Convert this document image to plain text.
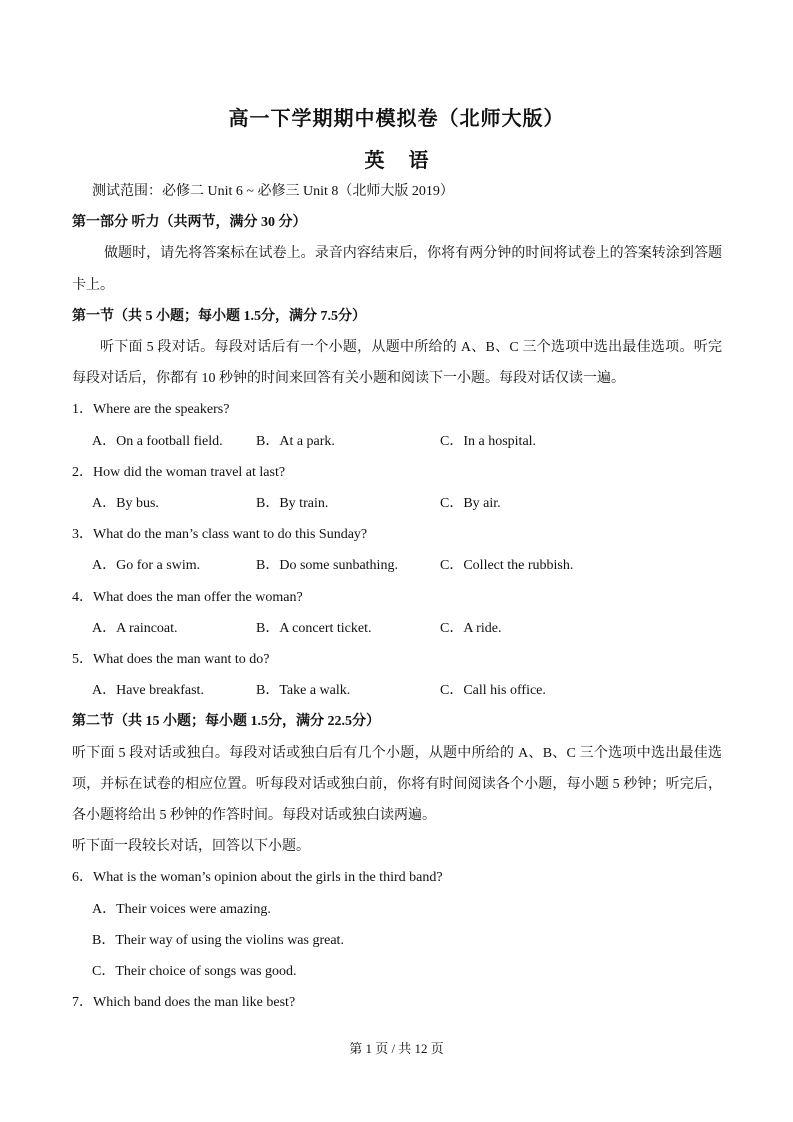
高一下学期期中模拟卷（北师大版）
英 语
测试范围：必修二 Unit 6 ~ 必修三 Unit 8（北师大版 2019）
第一部分 听力（共两节，满分 30 分）
做题时，请先将答案标在试卷上。录音内容结束后，你将有两分钟的时间将试卷上的答案转涂到答题卡上。
第一节（共 5 小题；每小题 1.5分，满分 7.5分）
听下面 5 段对话。每段对话后有一个小题，从题中所给的 A、B、C 三个选项中选出最佳选项。听完每段对话后，你都有 10 秒钟的时间来回答有关小题和阅读下一小题。每段对话仅读一遍。
1．Where are the speakers?
A．On a football field. B．At a park.	C．In a hospital.
2．How did the woman travel at last?
A．By bus.	B．By train.	C．By air.
3．What do the man’s class want to do this Sunday?
A．Go for a swim.	B．Do some sunbathing.	C．Collect the rubbish.
4．What does the man offer the woman?
A．A raincoat.	B．A concert ticket.	C．A ride.
5．What does the man want to do?
A．Have breakfast.	B．Take a walk.	C．Call his office.
第二节（共 15 小题；每小题 1.5分，满分 22.5分）
听下面 5 段对话或独白。每段对话或独白后有几个小题，从题中所给的 A、B、C 三个选项中选出最佳选项，并标在试卷的相应位置。听每段对话或独白前，你将有时间阅读各个小题，每小题 5 秒钟；听完后，各小题将给出 5 秒钟的作答时间。每段对话或独白读两遍。
听下面一段较长对话，回答以下小题。
6．What is the woman’s opinion about the girls in the third band?
A．Their voices were amazing.
B．Their way of using the violins was great.
C．Their choice of songs was good.
7．Which band does the man like best?
第 1 页 / 共 12 页
